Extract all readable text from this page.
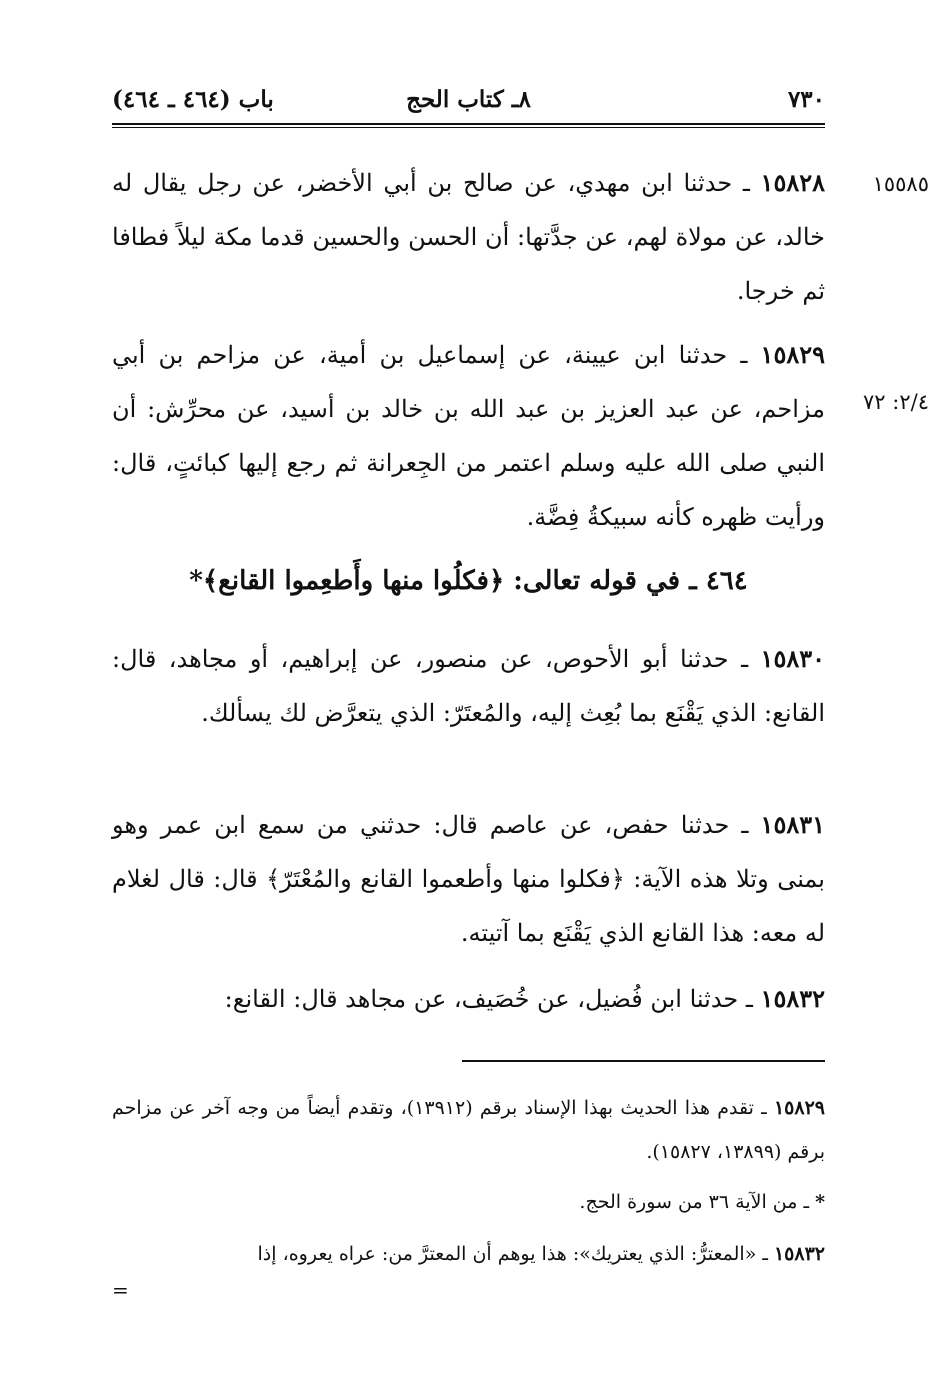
٧٣٠
٨ـ كتاب الحج
باب (٤٦٤ ـ ٤٦٤)
١٥٥٨٥
٢/٤: ٧٢
١٥٨٢٨ ـ حدثنا ابن مهدي، عن صالح بن أبي الأخضر، عن رجل يقال له خالد، عن مولاة لهم، عن جدَّتها: أن الحسن والحسين قدما مكة ليلاً فطافا ثم خرجا.
١٥٨٢٩ ـ حدثنا ابن عيينة، عن إسماعيل بن أمية، عن مزاحم بن أبي مزاحم، عن عبد العزيز بن عبد الله بن خالد بن أسيد، عن محرِّش: أن النبي صلى الله عليه وسلم اعتمر من الجِعرانة ثم رجع إليها كبائتٍ، قال: ورأيت ظهره كأنه سبيكةُ فِضَّة.
٤٦٤ ـ في قوله تعالى: ﴿فكلُوا منها وأَطعِموا القانع﴾*
١٥٨٣٠ ـ حدثنا أبو الأحوص، عن منصور، عن إبراهيم، أو مجاهد، قال: القانع: الذي يَقْنَع بما بُعِث إليه، والمُعتَرّ: الذي يتعرَّض لك يسألك.
١٥٨٣١ ـ حدثنا حفص، عن عاصم قال: حدثني من سمع ابن عمر وهو بمنى وتلا هذه الآية: ﴿فكلوا منها وأطعموا القانع والمُعْتَرّ﴾ قال: قال لغلام له معه: هذا القانع الذي يَقْنَع بما آتيته.
١٥٨٣٢ ـ حدثنا ابن فُضيل، عن خُصَيف، عن مجاهد قال: القانع:
١٥٨٢٩ ـ تقدم هذا الحديث بهذا الإسناد برقم (١٣٩١٢)، وتقدم أيضاً من وجه آخر عن مزاحم برقم (١٣٨٩٩، ١٥٨٢٧).
* ـ من الآية ٣٦ من سورة الحج.
١٥٨٣٢ ـ «المعترُّ: الذي يعتريك»: هذا يوهم أن المعترَّ من: عراه يعروه، إذا
=
